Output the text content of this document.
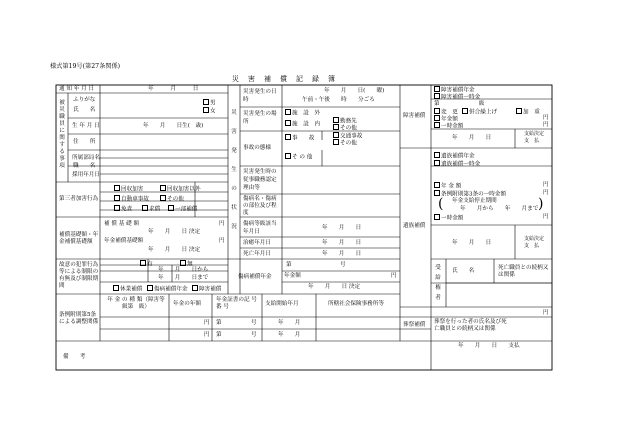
様式第19号(第27条関係)
災害補償記録簿
通 知 年 月 日	年　　　月　　　日
被災職員に関する事項
ふりがな
氏　　名
男
女
生 年 月 日	年　　月　　日生(　歳)
住　　所
所属部局名
職　　名
採用年月日
第三者加害行為
回収加害	回収加害以外
自動車事故	その他
免責	求償	一部補償
補償基礎額・年金補償基礎額
補 償 基 礎 額	円
年　　月　　日 決定
年金補償基礎額	円
年　　月　　日 決定
故意の犯罪行為等による制限の有無及び制限期間
有	無
年　　月　　日から
年　　月　　日まで
休業補償	傷病補償年金	障害補償
条例附則第5条による調整関係
年 金 の 種 類（障害等級第　級）	年金の年額
年金証書の記 号 番 号	支給開始年月	所轄社会保険事務所等
円 第	号	年　　月
円 第	号	年　　月
備　　考
災害発生の状況
災害発生の日　　時
年　　月　　日(　　曜)
午前・午後　　時　　分ごろ
災害発生の場　　所
施　設　外
施　設　内	勤務先
その他
事故の態様
事　　故	交通事故
その他
そ の 他
災害発生時の従事職務認定理由等
傷病名・傷病の部位及び程度
傷病等級該当年月日
年　　月　　日
治癒年月日	年　　月　　日
死亡年月日	年　　月　　日
傷病補償年金
第	号
年金額	円
年　　月　　日 決定
障害補償
障害補償年金
障害補償一時金
第　　　　　　　級
変　更	併合繰上げ	加　重
年金額	円
一時金額	円
年　　月　　日
支給決定
支　払
遺族補償
遺族補償年金
遺族補償一時金
年 金 額	円
条例附則第3条の一時金額	円
( 年金支給停止期間
年　　月から　　年　　月まで )
一時金額	円
年　　月　　日
支給決定
支　払
受給権者
氏　　名	死亡職員との続柄又は関係
葬祭補償
円
葬祭を行った者の氏名及び死亡職員との続柄又は関係
年　　月　　日　　支払
